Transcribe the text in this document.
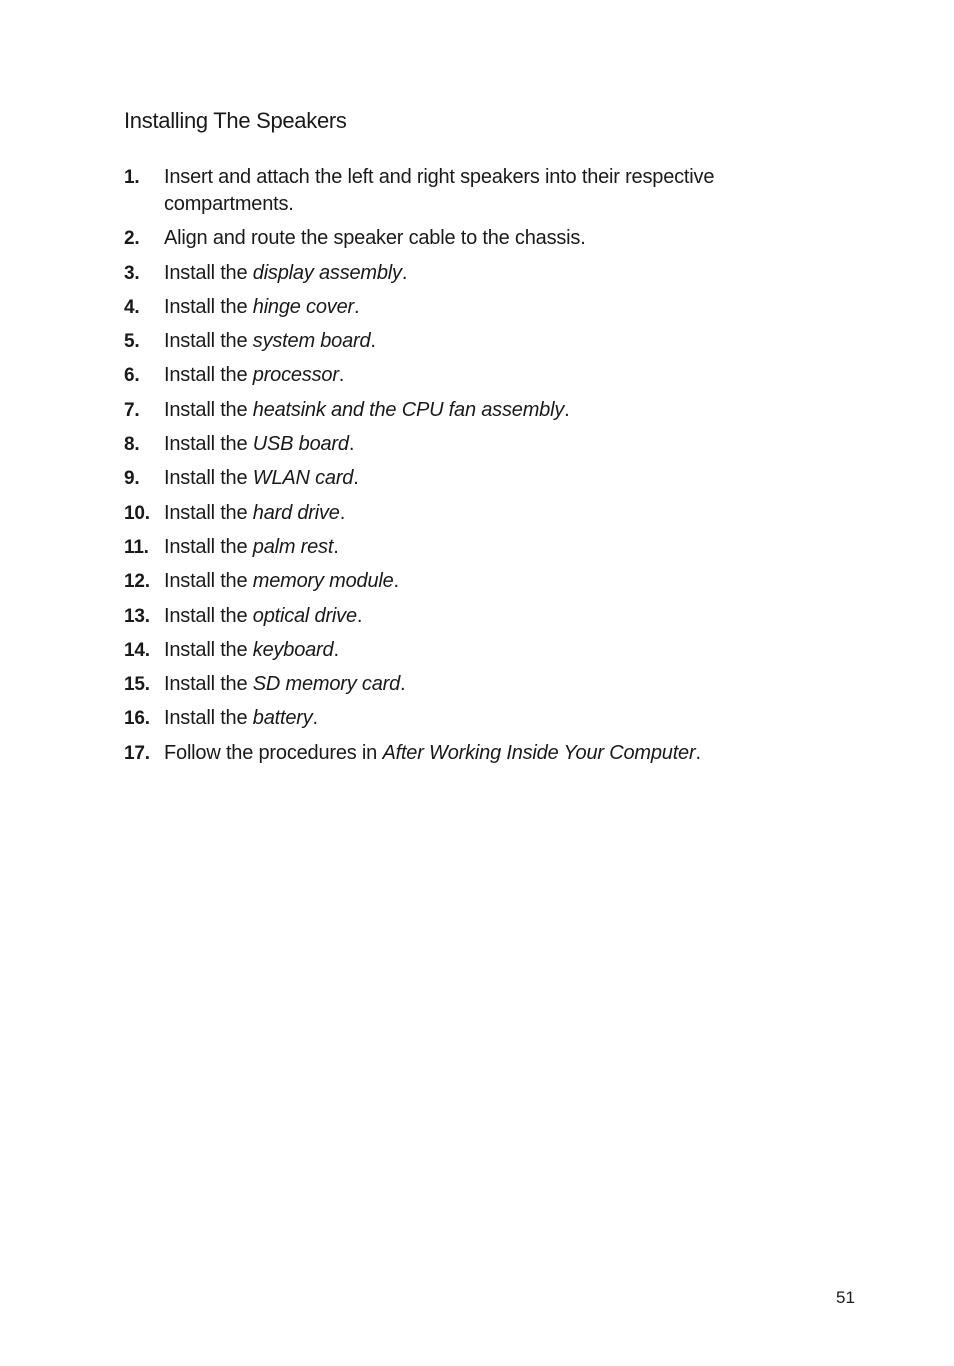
Installing The Speakers
1.	Insert and attach the left and right speakers into their respective compartments.
2.	Align and route the speaker cable to the chassis.
3.	Install the display assembly.
4.	Install the hinge cover.
5.	Install the system board.
6.	Install the processor.
7.	Install the heatsink and the CPU fan assembly.
8.	Install the USB board.
9.	Install the WLAN card.
10. Install the hard drive.
11. Install the palm rest.
12. Install the memory module.
13. Install the optical drive.
14. Install the keyboard.
15. Install the SD memory card.
16. Install the battery.
17. Follow the procedures in After Working Inside Your Computer.
51
